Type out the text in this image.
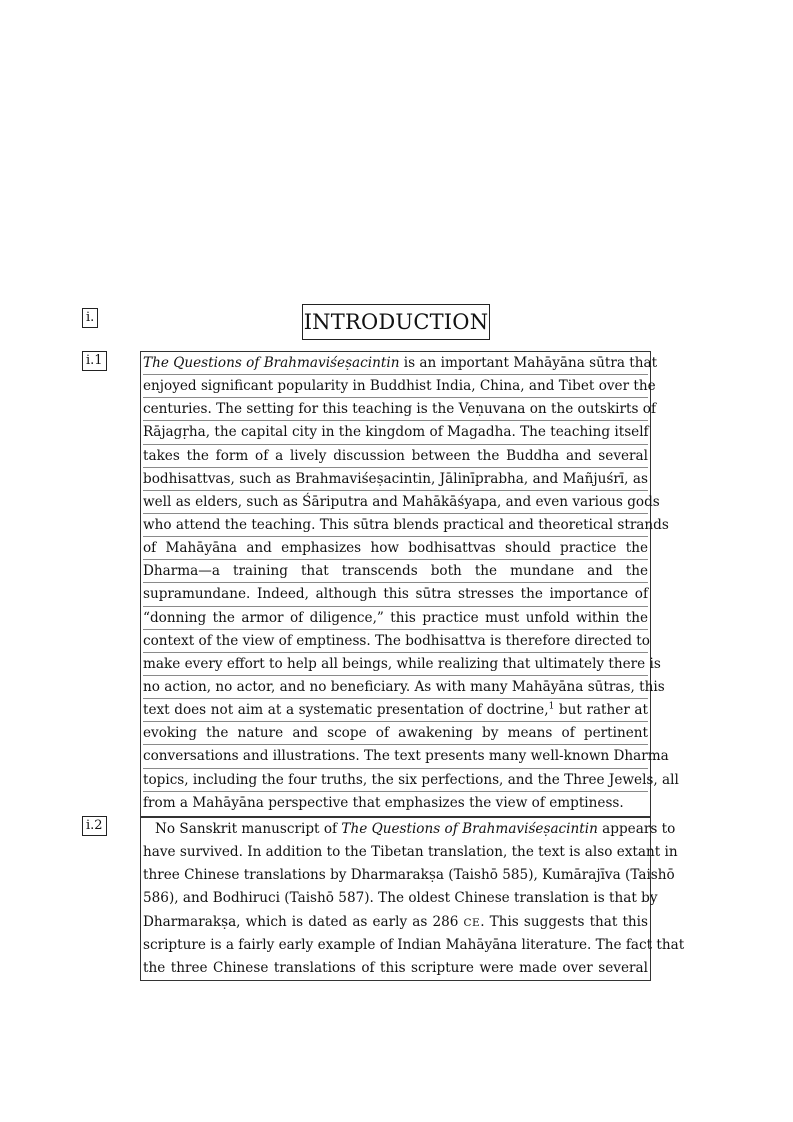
i.
i.1
i.2
INTRODUCTION
The Questions of Brahmaviśeṣacintin is an important Mahāyāna sūtra that
enjoyed significant popularity in Buddhist India, China, and Tibet over the
centuries. The setting for this teaching is the Veṇuvana on the outskirts of
Rājagṛha, the capital city in the kingdom of Magadha. The teaching itself
takes the form of a lively discussion between the Buddha and several
bodhisattvas, such as Brahmaviśeṣacintin, Jālinīprabha, and Mañjuśrī, as
well as elders, such as Śāriputra and Mahākāśyapa, and even various gods
who attend the teaching. This sūtra blends practical and theoretical strands
of Mahāyāna and emphasizes how bodhisattvas should practice the
Dharma—a training that transcends both the mundane and the
supramundane. Indeed, although this sūtra stresses the importance of
“donning the armor of diligence,” this practice must unfold within the
context of the view of emptiness. The bodhisattva is therefore directed to
make every effort to help all beings, while realizing that ultimately there is
no action, no actor, and no beneficiary. As with many Mahāyāna sūtras, this
text does not aim at a systematic presentation of doctrine,$^1$ but rather at
evoking the nature and scope of awakening by means of pertinent
conversations and illustrations. The text presents many well-known Dharma
topics, including the four truths, the six perfections, and the Three Jewels, all
from a Mahāyāna perspective that emphasizes the view of emptiness.
No Sanskrit manuscript of The Questions of Brahmaviśeṣacintin appears to
have survived. In addition to the Tibetan translation, the text is also extant in
three Chinese translations by Dharmarakṣa (Taishō 585), Kumārajīva (Taishō
586), and Bodhiruci (Taishō 587). The oldest Chinese translation is that by
Dharmarakṣa, which is dated as early as 286 CE. This suggests that this
scripture is a fairly early example of Indian Mahāyāna literature. The fact that
the three Chinese translations of this scripture were made over several
